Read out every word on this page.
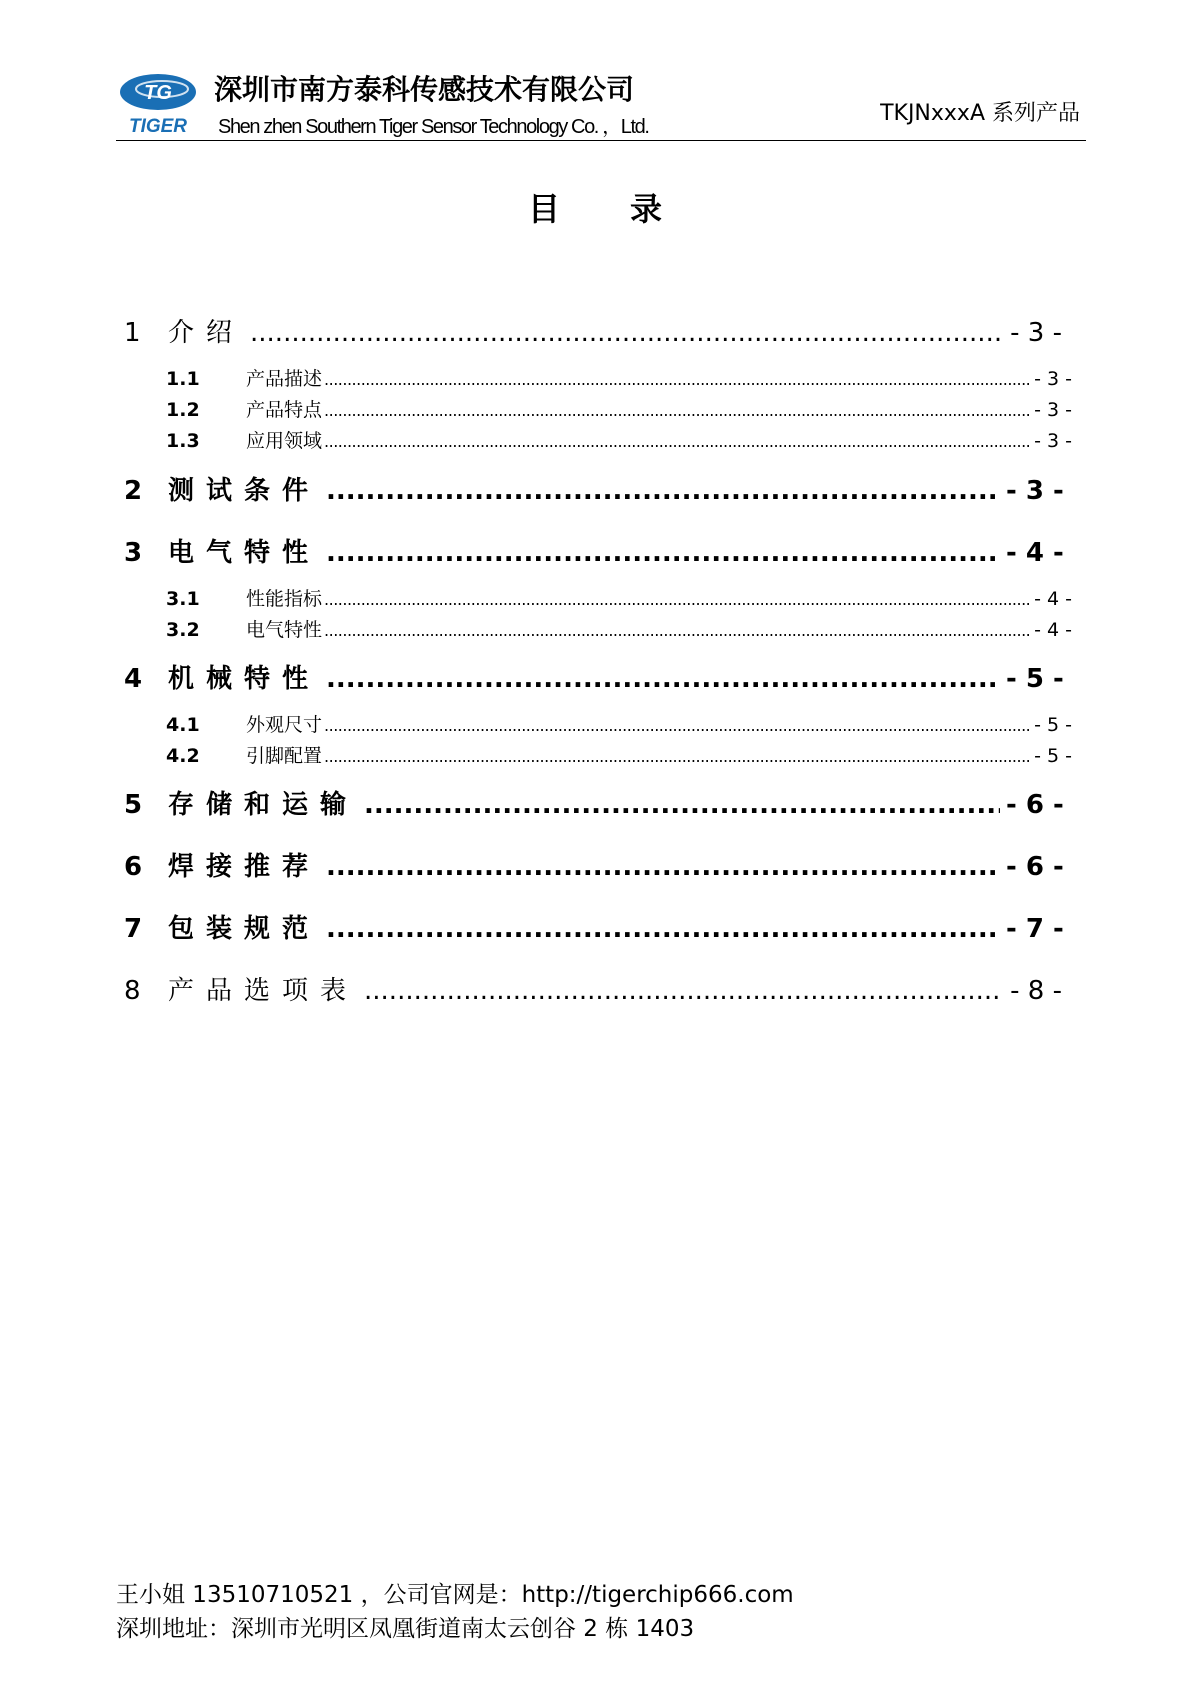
TG
TIGER
深圳市南方泰科传感技术有限公司
Shen zhen Southern Tiger Sensor Technology Co. ，Ltd.
TKJNxxxA 系列产品
目录
1	介绍 .....	- 3 -
1.1	产品描述 .....	- 3 -
1.2	产品特点 .....	- 3 -
1.3	应用领域 .....	- 3 -
2 测试条件 .....	- 3 -
3 电气特性 .....	- 4 -
3.1	性能指标 .....	- 4 -
3.2	电气特性 .....	- 4 -
4 机械特性 .....	- 5 -
4.1	外观尺寸 .....	- 5 -
4.2	引脚配置 .....	- 5 -
5 存储和运输 .....	- 6 -
6 焊接推荐 .....	- 6 -
7 包装规范 .....	- 7 -
8	产品选项表 .....	- 8 -
王小姐 13510710521 ，公司官网是：http://tigerchip666.com
深圳地址：深圳市光明区凤凰街道南太云创谷 2 栋 1403
